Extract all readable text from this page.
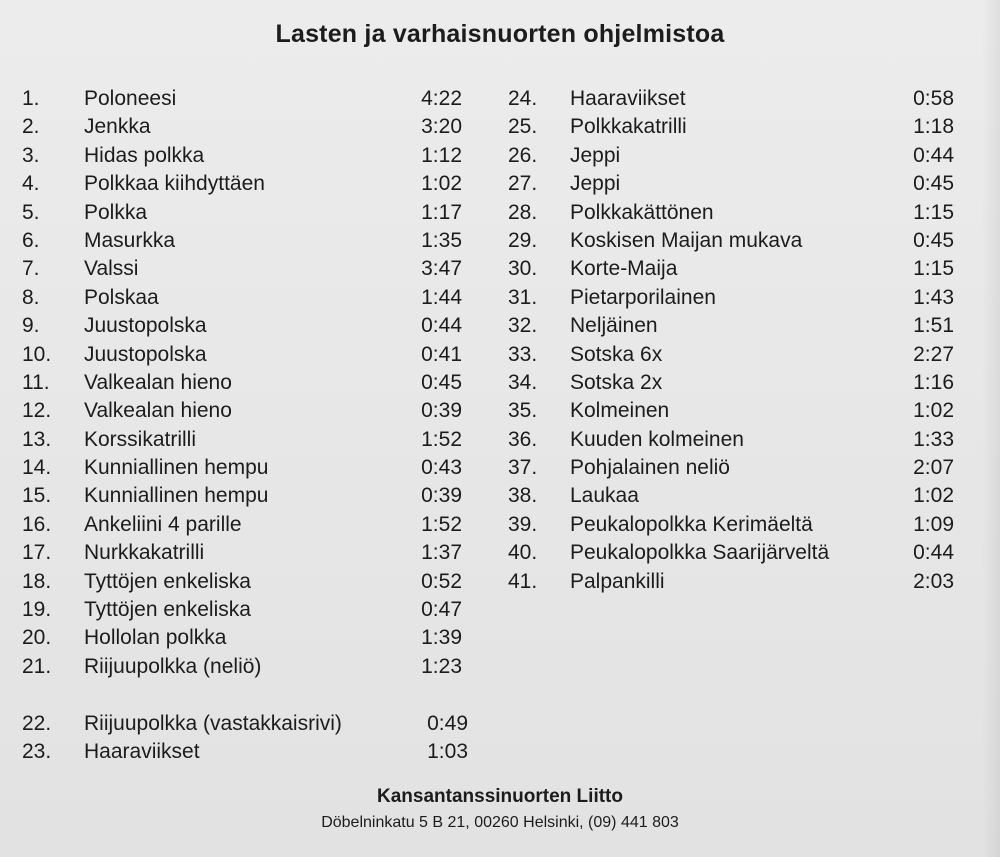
Lasten ja varhaisnuorten ohjelmistoa
1.	Poloneesi	4:22
2.	Jenkka	3:20
3.	Hidas polkka	1:12
4.	Polkkaa kiihdyttäen	1:02
5.	Polkka	1:17
6.	Masurkka	1:35
7.	Valssi	3:47
8.	Polskaa	1:44
9.	Juustopolska	0:44
10.	Juustopolska	0:41
11.	Valkealan hieno	0:45
12.	Valkealan hieno	0:39
13.	Korssikatrilli	1:52
14.	Kunniallinen hempu	0:43
15.	Kunniallinen hempu	0:39
16.	Ankeliini 4 parille	1:52
17.	Nurkkakatrilli	1:37
18.	Tyttöjen enkeliska	0:52
19.	Tyttöjen enkeliska	0:47
20.	Hollolan polkka	1:39
21.	Riijuupolkka (neliö)	1:23
24.	Haaraviikset	0:58
25.	Polkkakatrilli	1:18
26.	Jeppi	0:44
27.	Jeppi	0:45
28.	Polkkakättönen	1:15
29.	Koskisen Maijan mukava	0:45
30.	Korte-Maija	1:15
31.	Pietarporilainen	1:43
32.	Neljäinen	1:51
33.	Sotska 6x	2:27
34.	Sotska 2x	1:16
35.	Kolmeinen	1:02
36.	Kuuden kolmeinen	1:33
37.	Pohjalainen neliö	2:07
38.	Laukaa	1:02
39.	Peukalopolkka Kerimäeltä	1:09
40.	Peukalopolkka Saarijärveltä	0:44
41.	Palpankilli	2:03
22.	Riijuupolkka (vastakkaisrivi)	0:49
23.	Haaraviikset	1:03
Kansantanssinuorten Liitto
Döbelninkatu 5 B 21, 00260 Helsinki, (09) 441 803
